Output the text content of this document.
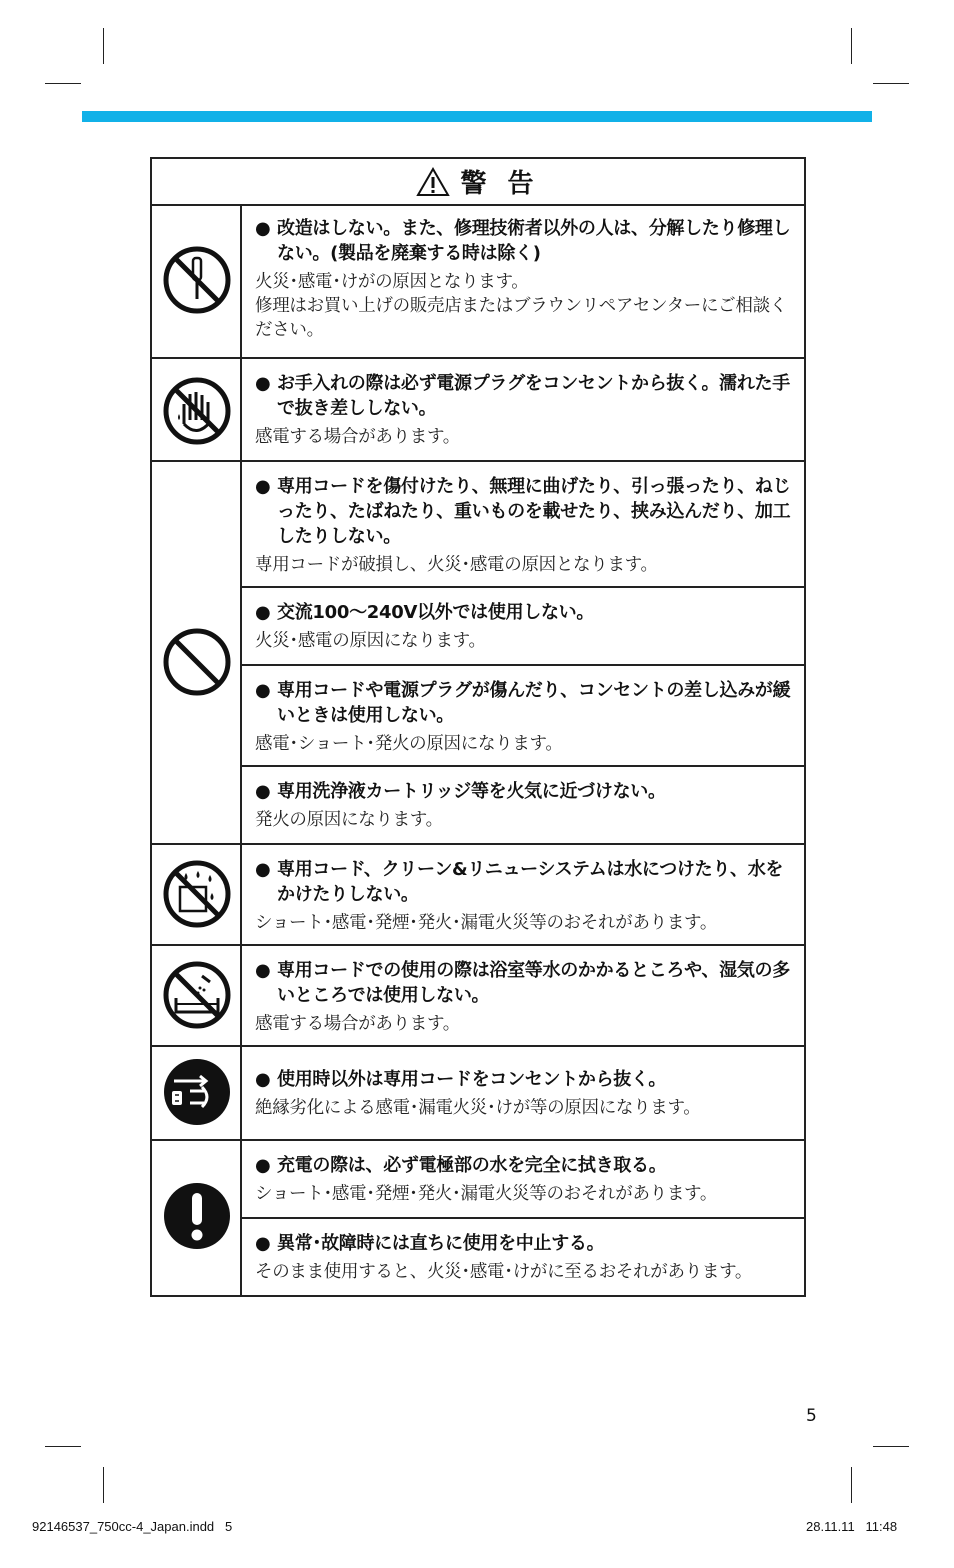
警 告
● 改造はしない。また、修理技術者以外の人は、分解したり修理しない。(製品を廃棄する時は除く)
火災･感電･けがの原因となります。
修理はお買い上げの販売店またはブラウンリペアセンターにご相談ください。
● お手入れの際は必ず電源プラグをコンセントから抜く。濡れた手で抜き差ししない。
感電する場合があります。
● 専用コードを傷付けたり、無理に曲げたり、引っ張ったり、ねじったり、たばねたり、重いものを載せたり、挟み込んだり、加工したりしない。
専用コードが破損し、火災･感電の原因となります。
● 交流100～240V以外では使用しない。
火災･感電の原因になります。
● 専用コードや電源プラグが傷んだり、コンセントの差し込みが緩いときは使用しない。
感電･ショート･発火の原因になります。
● 専用洗浄液カートリッジ等を火気に近づけない。
発火の原因になります。
● 専用コード、クリーン&リニューシステムは水につけたり、水をかけたりしない。
ショート･感電･発煙･発火･漏電火災等のおそれがあります。
● 専用コードでの使用の際は浴室等水のかかるところや、湿気の多いところでは使用しない。
感電する場合があります。
● 使用時以外は専用コードをコンセントから抜く。
絶縁劣化による感電･漏電火災･けが等の原因になります。
● 充電の際は、必ず電極部の水を完全に拭き取る。
ショート･感電･発煙･発火･漏電火災等のおそれがあります。
● 異常･故障時には直ちに使用を中止する。
そのまま使用すると、火災･感電･けがに至るおそれがあります。
5
92146537_750cc-4_Japan.indd   5	28.11.11   11:48
